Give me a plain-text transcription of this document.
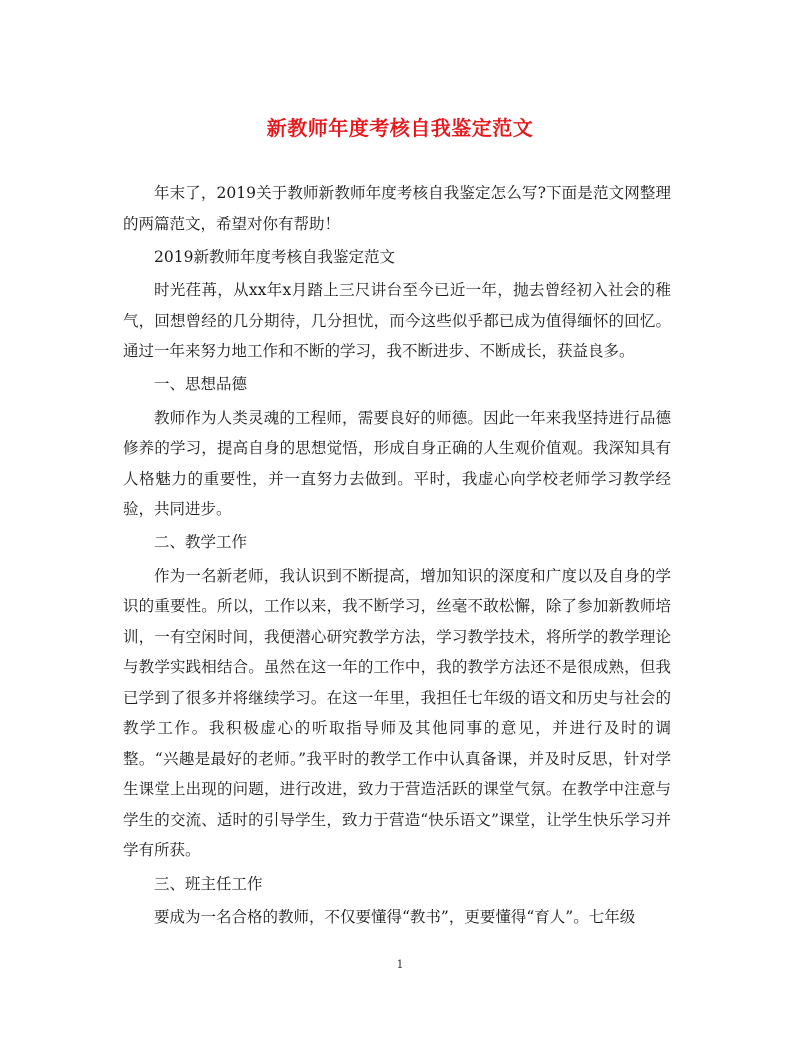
新教师年度考核自我鉴定范文

年末了，2019关于教师新教师年度考核自我鉴定怎么写?下面是范文网整理的两篇范文，希望对你有帮助！

2019新教师年度考核自我鉴定范文

时光荏苒，从xx年x月踏上三尺讲台至今已近一年，抛去曾经初入社会的稚气，回想曾经的几分期待，几分担忧，而今这些似乎都已成为值得缅怀的回忆。通过一年来努力地工作和不断的学习，我不断进步、不断成长，获益良多。

一、思想品德

教师作为人类灵魂的工程师，需要良好的师德。因此一年来我坚持进行品德修养的学习，提高自身的思想觉悟，形成自身正确的人生观价值观。我深知具有人格魅力的重要性，并一直努力去做到。平时，我虚心向学校老师学习教学经验，共同进步。

二、教学工作

作为一名新老师，我认识到不断提高，增加知识的深度和广度以及自身的学识的重要性。所以，工作以来，我不断学习，丝毫不敢松懈，除了参加新教师培训，一有空闲时间，我便潜心研究教学方法，学习教学技术，将所学的教学理论与教学实践相结合。虽然在这一年的工作中，我的教学方法还不是很成熟，但我已学到了很多并将继续学习。在这一年里，我担任七年级的语文和历史与社会的教学工作。我积极虚心的听取指导师及其他同事的意见，并进行及时的调整。“兴趣是最好的老师。”我平时的教学工作中认真备课，并及时反思，针对学生课堂上出现的问题，进行改进，致力于营造活跃的课堂气氛。在教学中注意与学生的交流、适时的引导学生，致力于营造“快乐语文”课堂，让学生快乐学习并学有所获。

三、班主任工作

要成为一名合格的教师，不仅要懂得“教书”，更要懂得“育人”。七年级

1
